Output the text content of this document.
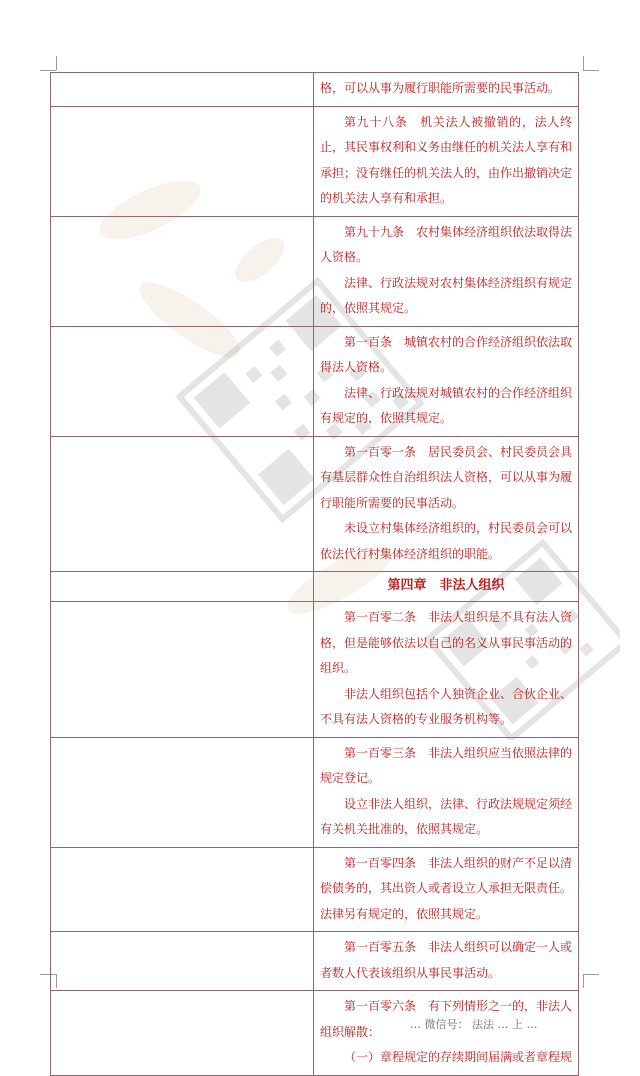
	格，可以从事为履行职能所需要的民事活动。

	第九十八条　机关法人被撤销的，法人终止，其民事权利和义务由继任的机关法人享有和承担；没有继任的机关法人的，由作出撤销决定的机关法人享有和承担。

	第九十九条　农村集体经济组织依法取得法人资格。

法律、行政法规对农村集体经济组织有规定的，依照其规定。

	第一百条　城镇农村的合作经济组织依法取得法人资格。

法律、行政法规对城镇农村的合作经济组织有规定的，依照其规定。

	第一百零一条　居民委员会、村民委员会具有基层群众性自治组织法人资格，可以从事为履行职能所需要的民事活动。

未设立村集体经济组织的，村民委员会可以依法代行村集体经济组织的职能。

	第四章　非法人组织

	第一百零二条　非法人组织是不具有法人资格，但是能够依法以自己的名义从事民事活动的组织。

非法人组织包括个人独资企业、合伙企业、不具有法人资格的专业服务机构等。

	第一百零三条　非法人组织应当依照法律的规定登记。

设立非法人组织，法律、行政法规规定须经有关机关批准的，依照其规定。

	第一百零四条　非法人组织的财产不足以清偿债务的，其出资人或者设立人承担无限责任。法律另有规定的，依照其规定。

	第一百零五条　非法人组织可以确定一人或者数人代表该组织从事民事活动。

	第一百零六条　有下列情形之一的，非法人组织解散：

（一）章程规定的存续期间届满或者章程规

… 微信号： 法法 … 上 …
